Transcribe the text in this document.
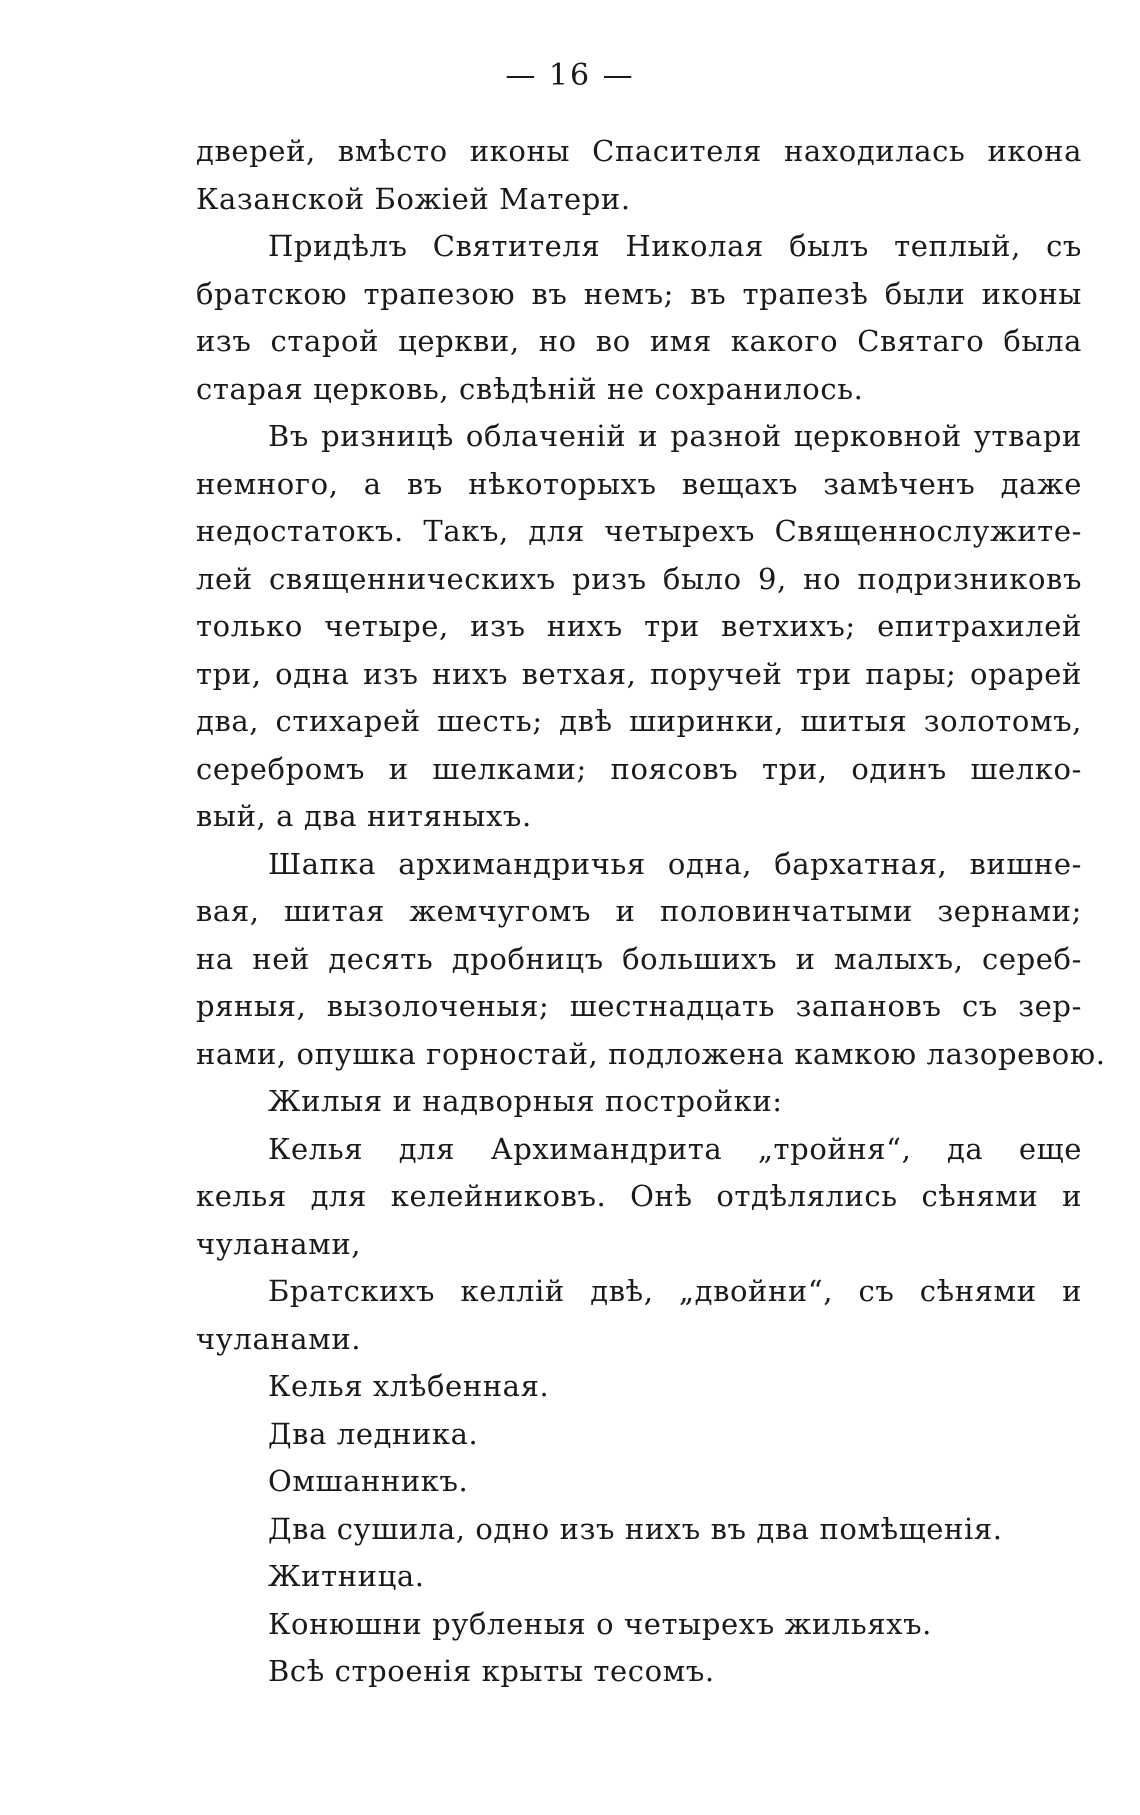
— 16 —
дверей, вмѣсто иконы Спасителя находилась икона
Казанской Божіей Матери.
Придѣлъ Святителя Николая былъ теплый, съ
братскою трапезою въ немъ; въ трапезѣ были иконы
изъ старой церкви, но во имя какого Святаго была
старая церковь, свѣдѣній не сохранилось.
Въ ризницѣ облаченій и разной церковной утвари
немного, а въ нѣкоторыхъ вещахъ замѣченъ даже
недостатокъ. Такъ, для четырехъ Священнослужите-
лей священническихъ ризъ было 9, но подризниковъ
только четыре, изъ нихъ три ветхихъ; епитрахилей
три, одна изъ нихъ ветхая, поручей три пары; орарей
два, стихарей шесть; двѣ ширинки, шитыя золотомъ,
серебромъ и шелками; поясовъ три, одинъ шелко-
вый, а два нитяныхъ.
Шапка архимандричья одна, бархатная, вишне-
вая, шитая жемчугомъ и половинчатыми зернами;
на ней десять дробницъ большихъ и малыхъ, сереб-
ряныя, вызолоченыя; шестнадцать запановъ съ зер-
нами, опушка горностай, подложена камкою лазоревою.
Жилыя и надворныя постройки:
Келья для Архимандрита „тройня“, да еще
келья для келейниковъ. Онѣ отдѣлялись сѣнями и
чуланами,
Братскихъ келлій двѣ, „двойни“, съ сѣнями и
чуланами.
Келья хлѣбенная.
Два ледника.
Омшанникъ.
Два сушила, одно изъ нихъ въ два помѣщенія.
Житница.
Конюшни рубленыя о четырехъ жильяхъ.
Всѣ строенія крыты тесомъ.
